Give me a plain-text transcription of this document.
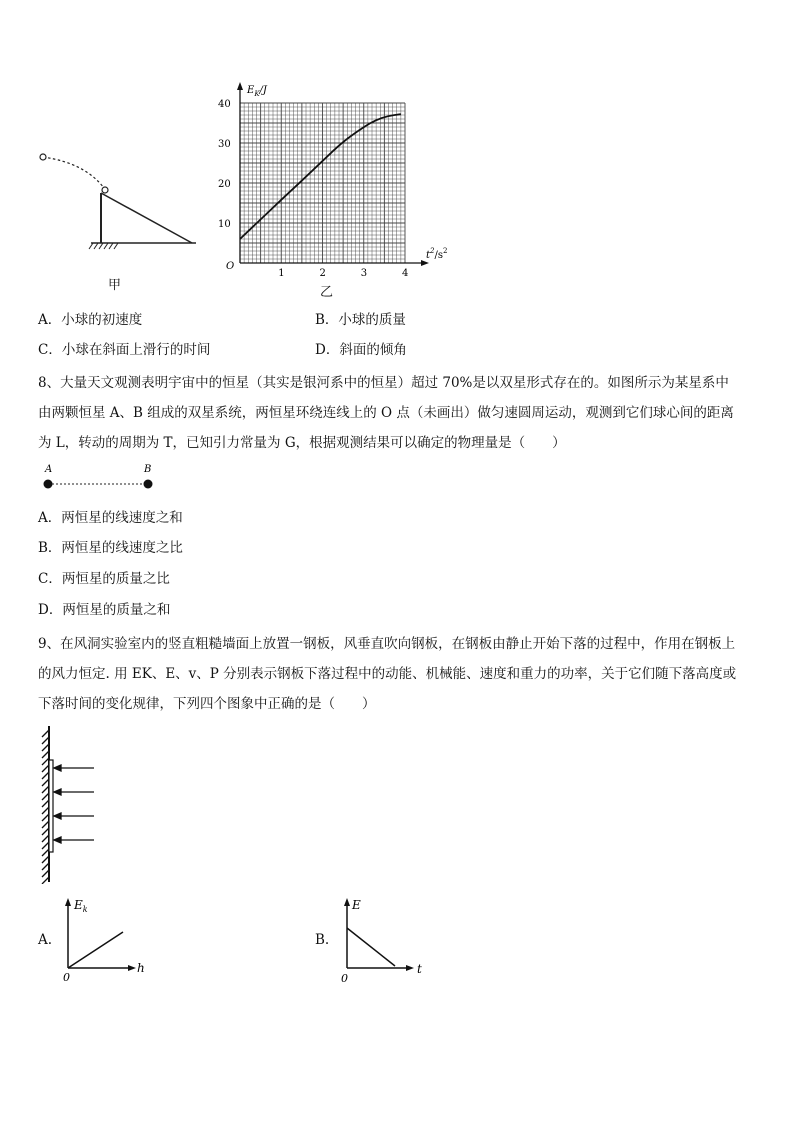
甲
$E_K/J$
$t^2/s^2$
O
1	2	3	4
10
20
30
40
乙
A．小球的初速度	B．小球的质量
C．小球在斜面上滑行的时间	D．斜面的倾角
8、大量天文观测表明宇宙中的恒星（其实是银河系中的恒星）超过 70%是以双星形式存在的。如图所示为某星系中
由两颗恒星 A、B 组成的双星系统，两恒星环绕连线上的 O 点（未画出）做匀速圆周运动，观测到它们球心间的距离
为 L，转动的周期为 T，已知引力常量为 G，根据观测结果可以确定的物理量是（　　）
A	B
A．两恒星的线速度之和
B．两恒星的线速度之比
C．两恒星的质量之比
D．两恒星的质量之和
9、在风洞实验室内的竖直粗糙墙面上放置一钢板，风垂直吹向钢板，在钢板由静止开始下落的过程中，作用在钢板上
的风力恒定. 用 EK、E、v、P 分别表示钢板下落过程中的动能、机械能、速度和重力的功率，关于它们随下落高度或
下落时间的变化规律，下列四个图象中正确的是（　　）
A.
$E_k$
h
0
B.
E
t
0
